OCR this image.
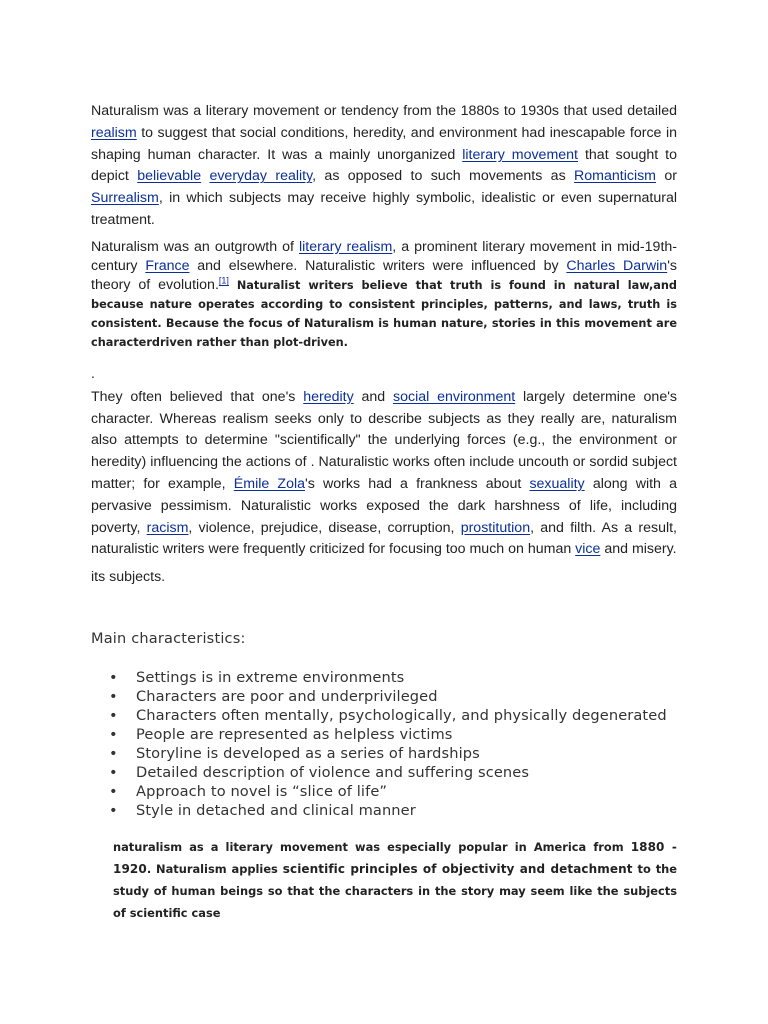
Naturalism was a literary movement or tendency from the 1880s to 1930s that used detailed realism to suggest that social conditions, heredity, and environment had inescapable force in shaping human character. It was a mainly unorganized literary movement that sought to depict believable everyday reality, as opposed to such movements as Romanticism or Surrealism, in which subjects may receive highly symbolic, idealistic or even supernatural treatment.

Naturalism was an outgrowth of literary realism, a prominent literary movement in mid-19th-century France and elsewhere. Naturalistic writers were influenced by Charles Darwin's theory of evolution.[1] Naturalist writers believe that truth is found in natural law,and because nature operates according to consistent principles, patterns, and laws, truth is consistent. Because the focus of Naturalism is human nature, stories in this movement are characterdriven rather than plot-driven.

.

They often believed that one's heredity and social environment largely determine one's character. Whereas realism seeks only to describe subjects as they really are, naturalism also attempts to determine "scientifically" the underlying forces (e.g., the environment or heredity) influencing the actions of . Naturalistic works often include uncouth or sordid subject matter; for example, Émile Zola's works had a frankness about sexuality along with a pervasive pessimism. Naturalistic works exposed the dark harshness of life, including poverty, racism, violence, prejudice, disease, corruption, prostitution, and filth. As a result, naturalistic writers were frequently criticized for focusing too much on human vice and misery.

its subjects.

Main characteristics:

• Settings is in extreme environments
• Characters are poor and underprivileged
• Characters often mentally, psychologically, and physically degenerated
• People are represented as helpless victims
• Storyline is developed as a series of hardships
• Detailed description of violence and suffering scenes
• Approach to novel is “slice of life”
• Style in detached and clinical manner

naturalism as a literary movement was especially popular in America from 1880 - 1920. Naturalism applies scientific principles of objectivity and detachment to the study of human beings so that the characters in the story may seem like the subjects of scientific case
